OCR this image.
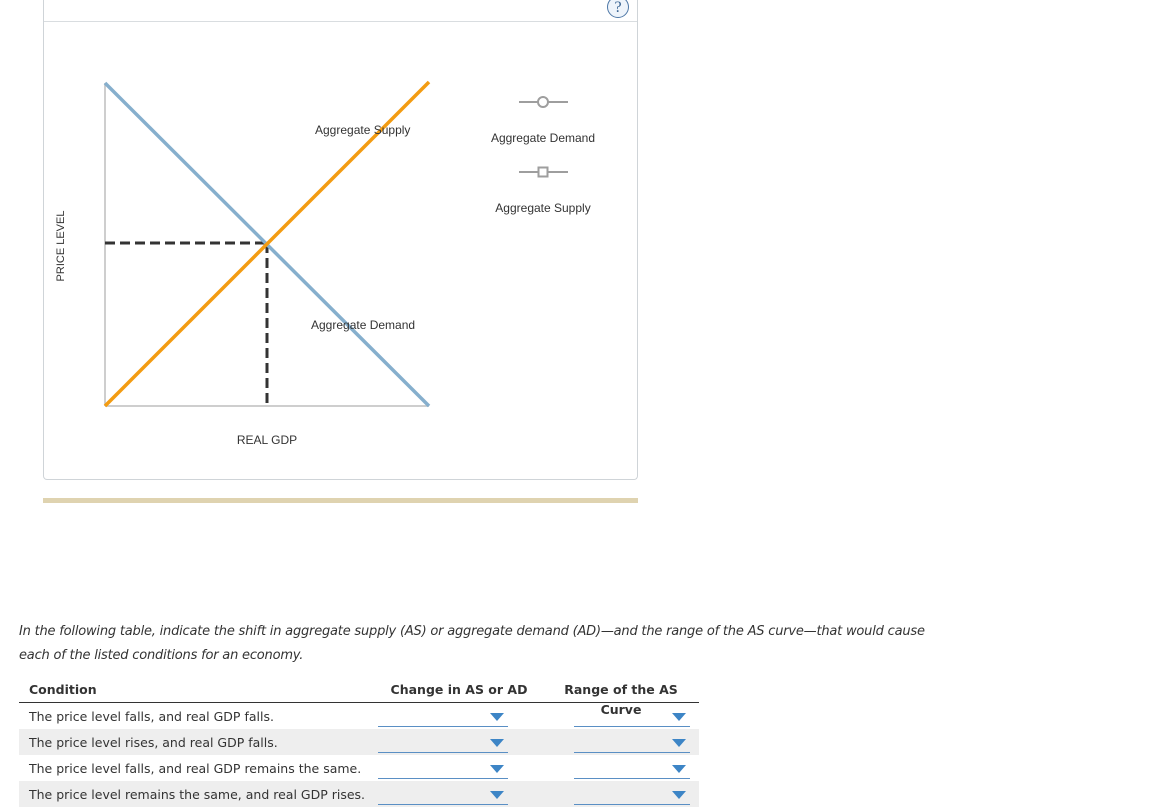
?
Aggregate Supply
Aggregate Demand
REAL GDP
PRICE LEVEL
Aggregate Demand
Aggregate Supply
In the following table, indicate the shift in aggregate supply (AS) or aggregate demand (AD)—and the range of the AS curve—that would cause each of the listed conditions for an economy.
Condition	Change in AS or AD	Range of the AS Curve
The price level falls, and real GDP falls.
The price level rises, and real GDP falls.
The price level falls, and real GDP remains the same.
The price level remains the same, and real GDP rises.
